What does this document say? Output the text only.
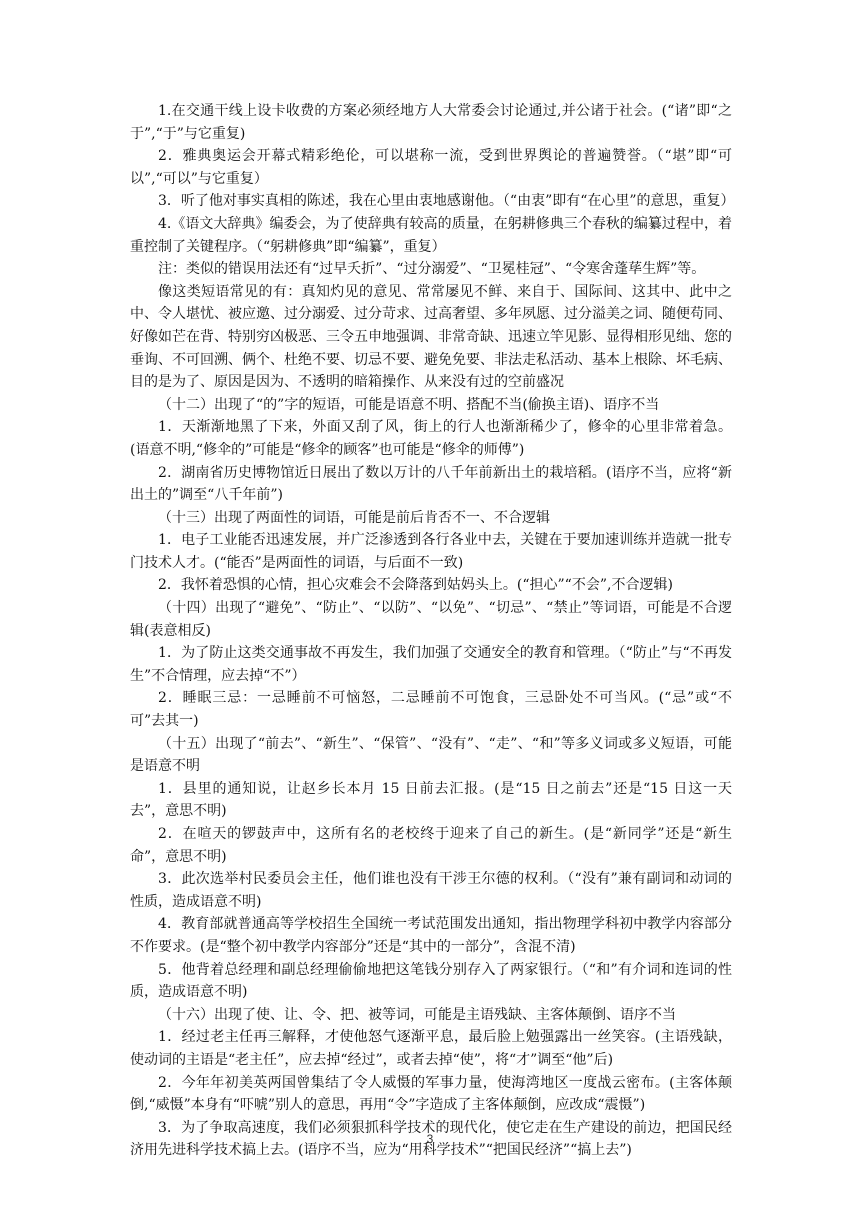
1.在交通干线上设卡收费的方案必须经地方人大常委会讨论通过,并公诸于社会。(“诸”即“之于”,“于”与它重复)

2．雅典奥运会开幕式精彩绝伦，可以堪称一流，受到世界舆论的普遍赞誉。（“堪”即“可以”,“可以”与它重复）

3．听了他对事实真相的陈述，我在心里由衷地感谢他。（“由衷”即有“在心里”的意思，重复）

4.《语文大辞典》编委会，为了使辞典有较高的质量，在躬耕修典三个春秋的编纂过程中，着重控制了关键程序。（“躬耕修典”即“编纂”，重复）

注：类似的错误用法还有“过早夭折”、“过分溺爱”、“卫冕桂冠”、“令寒舍蓬荜生辉”等。

像这类短语常见的有：真知灼见的意见、常常屡见不鲜、来自于、国际间、这其中、此中之中、令人堪忧、被应邀、过分溺爱、过分苛求、过高奢望、多年夙愿、过分溢美之词、随便苟同、好像如芒在背、特别穷凶极恶、三令五申地强调、非常奇缺、迅速立竿见影、显得相形见绌、您的垂询、不可回溯、俩个、杜绝不要、切忌不要、避免免要、非法走私活动、基本上根除、坏毛病、目的是为了、原因是因为、不透明的暗箱操作、从来没有过的空前盛况

（十二）出现了“的”字的短语，可能是语意不明、搭配不当(偷换主语)、语序不当

1．天渐渐地黑了下来，外面又刮了风，街上的行人也渐渐稀少了，修伞的心里非常着急。(语意不明,“修伞的”可能是“修伞的顾客”也可能是“修伞的师傅”)

2．湖南省历史博物馆近日展出了数以万计的八千年前新出土的栽培稻。(语序不当，应将“新出土的”调至“八千年前”)

（十三）出现了两面性的词语，可能是前后肯否不一、不合逻辑

1．电子工业能否迅速发展，并广泛渗透到各行各业中去，关键在于要加速训练并造就一批专门技术人才。(“能否”是两面性的词语，与后面不一致)

2．我怀着恐惧的心情，担心灾难会不会降落到姑妈头上。(“担心”“不会”,不合逻辑)

（十四）出现了“避免”、“防止”、“以防”、“以免”、“切忌”、“禁止”等词语，可能是不合逻辑(表意相反)

1．为了防止这类交通事故不再发生，我们加强了交通安全的教育和管理。（“防止”与“不再发生”不合情理，应去掉“不”）

2．睡眠三忌：一忌睡前不可恼怒，二忌睡前不可饱食，三忌卧处不可当风。(“忌”或“不可”去其一)

（十五）出现了“前去”、“新生”、“保管”、“没有”、“走”、“和”等多义词或多义短语，可能是语意不明

1．县里的通知说，让赵乡长本月 15 日前去汇报。(是“15 日之前去”还是“15 日这一天去”，意思不明)

2．在喧天的锣鼓声中，这所有名的老校终于迎来了自己的新生。(是“新同学”还是“新生命”，意思不明)

3．此次选举村民委员会主任，他们谁也没有干涉王尔德的权利。（“没有”兼有副词和动词的性质，造成语意不明)

4．教育部就普通高等学校招生全国统一考试范围发出通知，指出物理学科初中教学内容部分不作要求。(是“整个初中教学内容部分”还是“其中的一部分”，含混不清)

5．他背着总经理和副总经理偷偷地把这笔钱分别存入了两家银行。（“和”有介词和连词的性质，造成语意不明)

（十六）出现了使、让、令、把、被等词，可能是主语残缺、主客体颠倒、语序不当

1．经过老主任再三解释，才使他怒气逐渐平息，最后脸上勉强露出一丝笑容。(主语残缺，使动词的主语是“老主任”，应去掉“经过”，或者去掉“使”，将“才”调至“他”后)

2．今年年初美英两国曾集结了令人威慑的军事力量，使海湾地区一度战云密布。(主客体颠倒,“威慑”本身有“吓唬”别人的意思，再用“令”字造成了主客体颠倒，应改成“震慑”)

3．为了争取高速度，我们必须狠抓科学技术的现代化，使它走在生产建设的前边，把国民经济用先进科学技术搞上去。(语序不当，应为“用科学技术”“把国民经济”“搞上去”)

3
